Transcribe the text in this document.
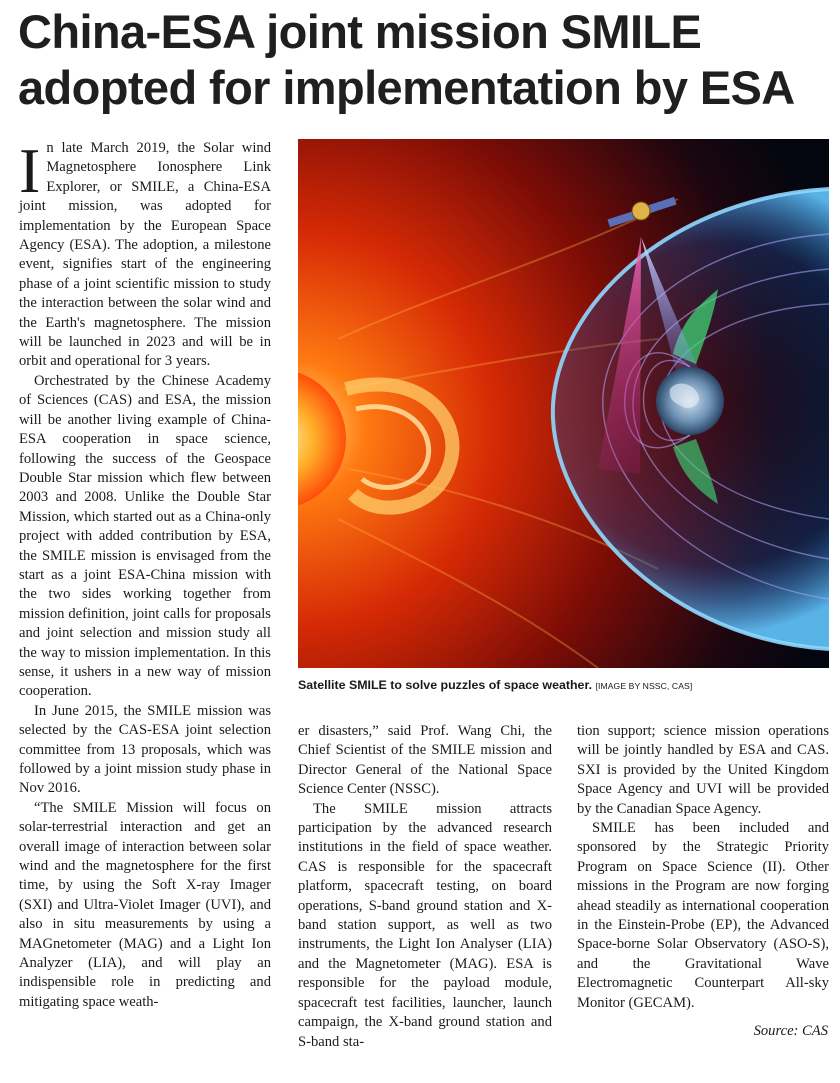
China-ESA joint mission SMILE adopted for implementation by ESA
Satellite SMILE to solve puzzles of space weather. [IMAGE BY NSSC, CAS]

In late March 2019, the Solar wind Magnetosphere Ionosphere Link Explorer, or SMILE, a China-ESA joint mission, was adopted for implementation by the European Space Agency (ESA). The adoption, a milestone event, signifies start of the engineering phase of a joint scientific mission to study the interaction between the solar wind and the Earth's magnetosphere. The mission will be launched in 2023 and will be in orbit and operational for 3 years.

Orchestrated by the Chinese Academy of Sciences (CAS) and ESA, the mission will be another living example of China-ESA cooperation in space science, following the success of the Geospace Double Star mission which flew between 2003 and 2008. Unlike the Double Star Mission, which started out as a China-only project with added contribution by ESA, the SMILE mission is envisaged from the start as a joint ESA-China mission with the two sides working together from mission definition, joint calls for proposals and joint selection and mission study all the way to mission implementation. In this sense, it ushers in a new way of mission cooperation.

In June 2015, the SMILE mission was selected by the CAS-ESA joint selection committee from 13 proposals, which was followed by a joint mission study phase in Nov 2016.

“The SMILE Mission will focus on solar-terrestrial interaction and get an overall image of interaction between solar wind and the magnetosphere for the first time, by using the Soft X-ray Imager (SXI) and Ultra-Violet Imager (UVI), and also in situ measurements by using a MAGnetometer (MAG) and a Light Ion Analyzer (LIA), and will play an indispensible role in predicting and mitigating space weath-

er disasters,” said Prof. Wang Chi, the Chief Scientist of the SMILE mission and Director General of the National Space Science Center (NSSC).

The SMILE mission attracts participation by the advanced research institutions in the field of space weather. CAS is responsible for the spacecraft platform, spacecraft testing, on board operations, S-band ground station and X-band station support, as well as two instruments, the Light Ion Analyser (LIA) and the Magnetometer (MAG). ESA is responsible for the payload module, spacecraft test facilities, launcher, launch campaign, the X-band ground station and S-band sta-

tion support; science mission operations will be jointly handled by ESA and CAS. SXI is provided by the United Kingdom Space Agency and UVI will be provided by the Canadian Space Agency.

SMILE has been included and sponsored by the Strategic Priority Program on Space Science (II). Other missions in the Program are now forging ahead steadily as international cooperation in the Einstein-Probe (EP), the Advanced Space-borne Solar Observatory (ASO-S), and the Gravitational Wave Electromagnetic Counterpart All-sky Monitor (GECAM).

Source: CAS
